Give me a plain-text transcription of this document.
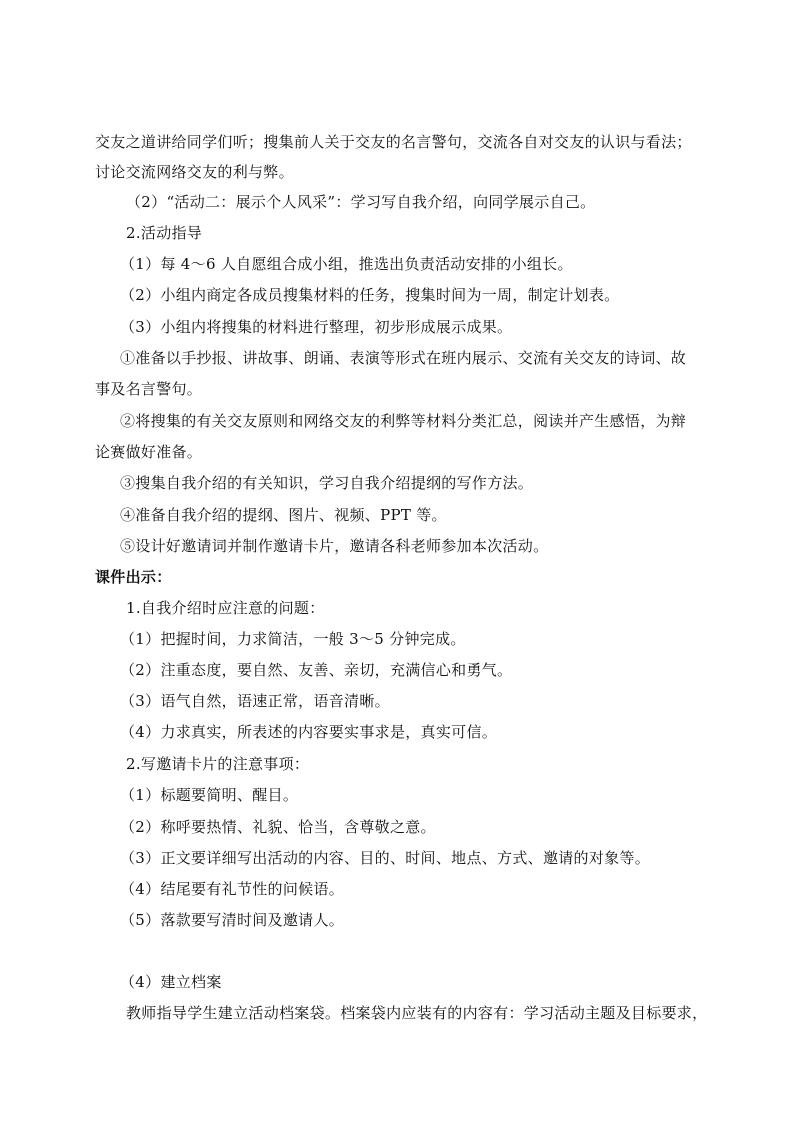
交友之道讲给同学们听；搜集前人关于交友的名言警句，交流各自对交友的认识与看法；
讨论交流网络交友的利与弊。
（2）“活动二：展示个人风采”：学习写自我介绍，向同学展示自己。
2.活动指导
（1）每 4～6 人自愿组合成小组，推选出负责活动安排的小组长。
（2）小组内商定各成员搜集材料的任务，搜集时间为一周，制定计划表。
（3）小组内将搜集的材料进行整理，初步形成展示成果。
①准备以手抄报、讲故事、朗诵、表演等形式在班内展示、交流有关交友的诗词、故
事及名言警句。
②将搜集的有关交友原则和网络交友的利弊等材料分类汇总，阅读并产生感悟，为辩
论赛做好准备。
③搜集自我介绍的有关知识，学习自我介绍提纲的写作方法。
④准备自我介绍的提纲、图片、视频、PPT 等。
⑤设计好邀请词并制作邀请卡片，邀请各科老师参加本次活动。
课件出示：
1.自我介绍时应注意的问题：
（1）把握时间，力求简洁，一般 3～5 分钟完成。
（2）注重态度，要自然、友善、亲切，充满信心和勇气。
（3）语气自然，语速正常，语音清晰。
（4）力求真实，所表述的内容要实事求是，真实可信。
2.写邀请卡片的注意事项：
（1）标题要简明、醒目。
（2）称呼要热情、礼貌、恰当，含尊敬之意。
（3）正文要详细写出活动的内容、目的、时间、地点、方式、邀请的对象等。
（4）结尾要有礼节性的问候语。
（5）落款要写清时间及邀请人。
（4）建立档案
教师指导学生建立活动档案袋。档案袋内应装有的内容有：学习活动主题及目标要求，
